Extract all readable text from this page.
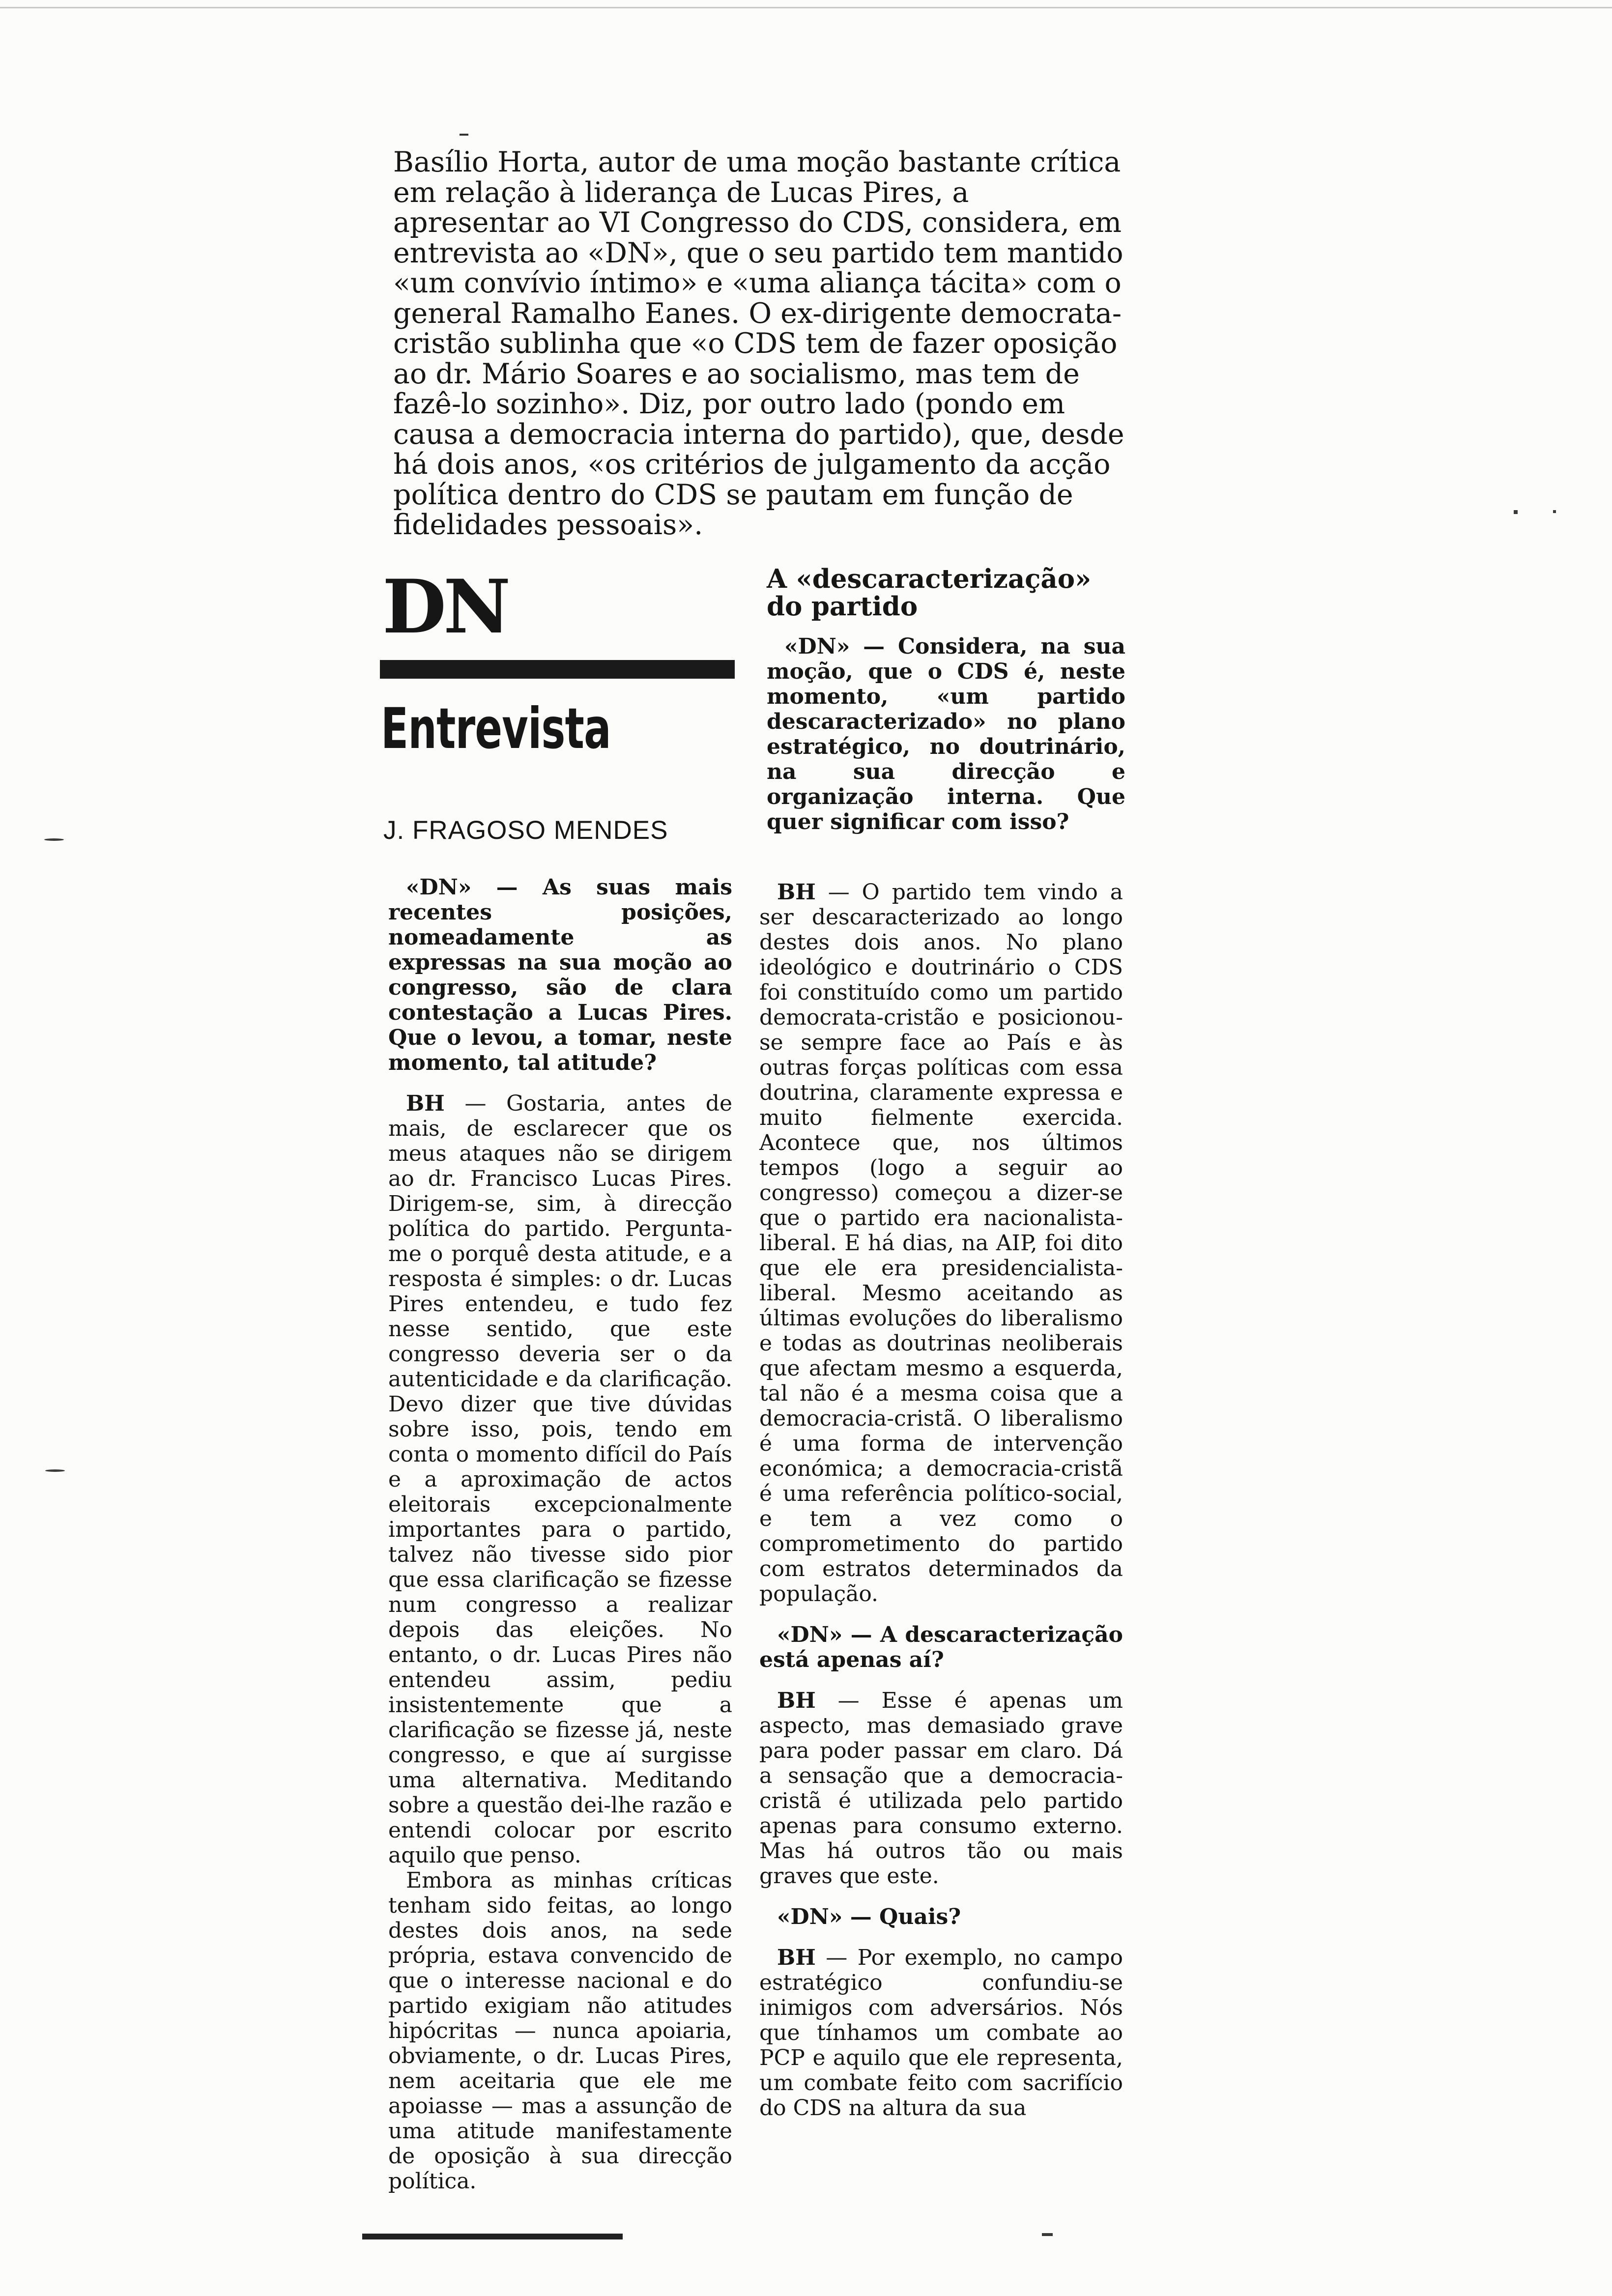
Basílio Horta, autor de uma moção bastante crítica em relação à liderança de Lucas Pires, a apresentar ao VI Congresso do CDS, considera, em entrevista ao «DN», que o seu partido tem mantido «um convívio íntimo» e «uma aliança tácita» com o general Ramalho Eanes. O ex-dirigente democrata-cristão sublinha que «o CDS tem de fazer oposição ao dr. Mário Soares e ao socialismo, mas tem de fazê-lo sozinho». Diz, por outro lado (pondo em causa a democracia interna do partido), que, desde há dois anos, «os critérios de julgamento da acção política dentro do CDS se pautam em função de fidelidades pessoais».

DN
Entrevista
J. FRAGOSO MENDES

«DN» — As suas mais recentes posições, nomeadamente as expressas na sua moção ao congresso, são de clara contestação a Lucas Pires. Que o levou, a tomar, neste momento, tal atitude?

BH — Gostaria, antes de mais, de esclarecer que os meus ataques não se dirigem ao dr. Francisco Lucas Pires. Dirigem-se, sim, à direcção política do partido. Pergunta-me o porquê desta atitude, e a resposta é simples: o dr. Lucas Pires entendeu, e tudo fez nesse sentido, que este congresso deveria ser o da autenticidade e da clarificação. Devo dizer que tive dúvidas sobre isso, pois, tendo em conta o momento difícil do País e a aproximação de actos eleitorais excepcionalmente importantes para o partido, talvez não tivesse sido pior que essa clarificação se fizesse num congresso a realizar depois das eleições. No entanto, o dr. Lucas Pires não entendeu assim, pediu insistentemente que a clarificação se fizesse já, neste congresso, e que aí surgisse uma alternativa. Meditando sobre a questão dei-lhe razão e entendi colocar por escrito aquilo que penso.

Embora as minhas críticas tenham sido feitas, ao longo destes dois anos, na sede própria, estava convencido de que o interesse nacional e do partido exigiam não atitudes hipócritas — nunca apoiaria, obviamente, o dr. Lucas Pires, nem aceitaria que ele me apoiasse — mas a assunção de uma atitude manifestamente de oposição à sua direcção política.

A «descaracterização» do partido

«DN» — Considera, na sua moção, que o CDS é, neste momento, «um partido descaracterizado» no plano estratégico, no doutrinário, na sua direcção e organização interna. Que quer significar com isso?

BH — O partido tem vindo a ser descaracterizado ao longo destes dois anos. No plano ideológico e doutrinário o CDS foi constituído como um partido democrata-cristão e posicionou-se sempre face ao País e às outras forças políticas com essa doutrina, claramente expressa e muito fielmente exercida. Acontece que, nos últimos tempos (logo a seguir ao congresso) começou a dizer-se que o partido era nacionalista-liberal. E há dias, na AIP, foi dito que ele era presidencialista-liberal. Mesmo aceitando as últimas evoluções do liberalismo e todas as doutrinas neoliberais que afectam mesmo a esquerda, tal não é a mesma coisa que a democracia-cristã. O liberalismo é uma forma de intervenção económica; a democracia-cristã é uma referência político-social, e tem a vez como o comprometimento do partido com estratos determinados da população.

«DN» — A descaracterização está apenas aí?

BH — Esse é apenas um aspecto, mas demasiado grave para poder passar em claro. Dá a sensação que a democracia-cristã é utilizada pelo partido apenas para consumo externo. Mas há outros tão ou mais graves que este.

«DN» — Quais?

BH — Por exemplo, no campo estratégico confundiu-se inimigos com adversários. Nós que tínhamos um combate ao PCP e aquilo que ele representa, um combate feito com sacrifício do CDS na altura da sua
